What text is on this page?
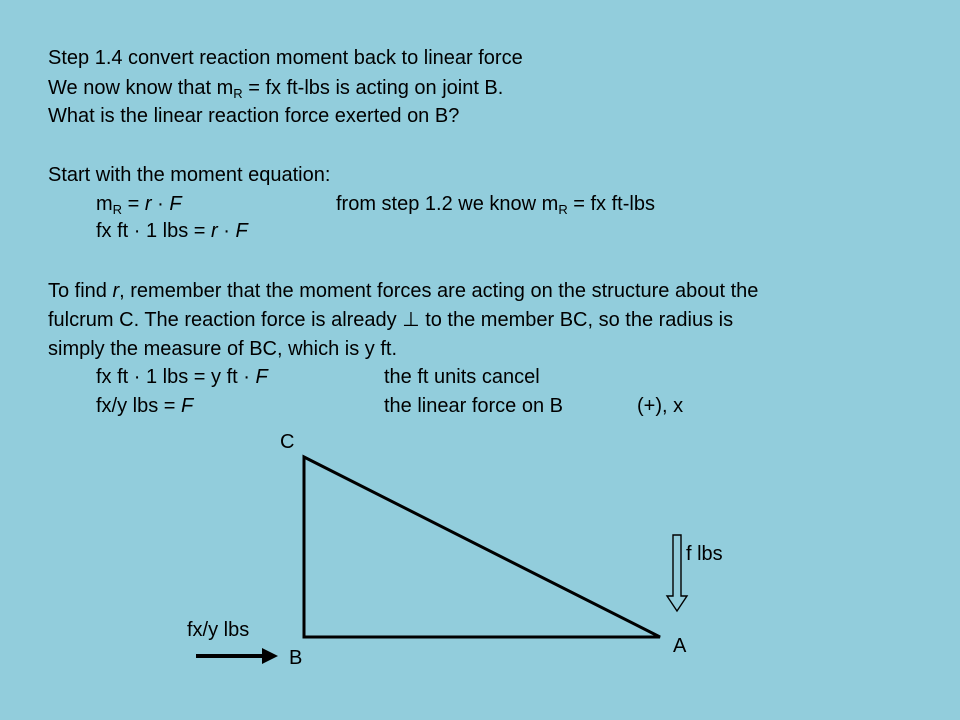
Step 1.4 convert reaction moment back to linear force
We now know that $m_R$ = fx ft-lbs is acting on joint B.
What is the linear reaction force exerted on B?
Start with the moment equation:
$m_R = r \cdot F$	from step 1.2 we know $m_R$ = fx ft-lbs
fx ft · 1 lbs = r · F
To find r, remember that the moment forces are acting on the structure about the
fulcrum C. The reaction force is already ⊥ to the member BC, so the radius is
simply the measure of BC, which is y ft.
fx ft · 1 lbs = y ft · F	the ft units cancel
fx/y lbs = F	the linear force on B	(+), x
C
A
B
f lbs
fx/y lbs
